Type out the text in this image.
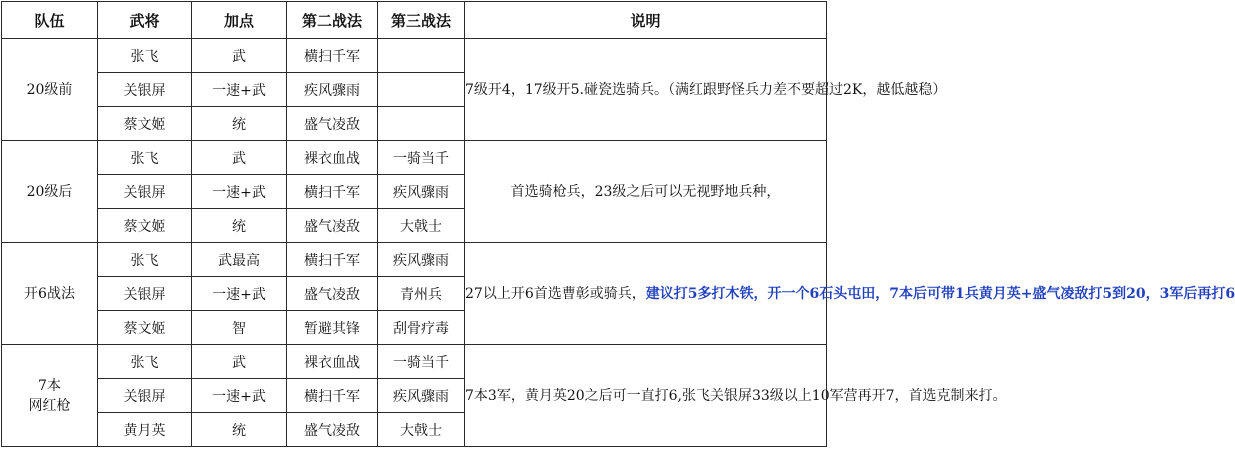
队伍	武将	加点	第二战法	第三战法	说明
20级前	张飞	武	横扫千军		7级开4，17级开5.碰瓷选骑兵。（满红跟野怪兵力差不要超过2K，越低越稳）
	关银屏	一速+武	疾风骤雨		
	蔡文姬	统	盛气凌敌		
20级后	张飞	武	裸衣血战	一骑当千	首选骑枪兵，23级之后可以无视野地兵种，
	关银屏	一速+武	横扫千军	疾风骤雨	
	蔡文姬	统	盛气凌敌	大戟士	
开6战法	张飞	武最高	横扫千军	疾风骤雨	27以上开6首选曹彰或骑兵，建议打5多打木铁，开一个6石头屯田，7本后可带1兵黄月英+盛气凌敌打5到20，3军后再打6
	关银屏	一速+武	盛气凌敌	青州兵	
	蔡文姬	智	暂避其锋	刮骨疗毒	

7本
网红枪	张飞	武	裸衣血战	一骑当千	7本3军，黄月英20之后可一直打6,张飞关银屏33级以上10军营再开7，首选克制来打。
	关银屏	一速+武	横扫千军	疾风骤雨	
	黄月英	统	盛气凌敌	大戟士	
